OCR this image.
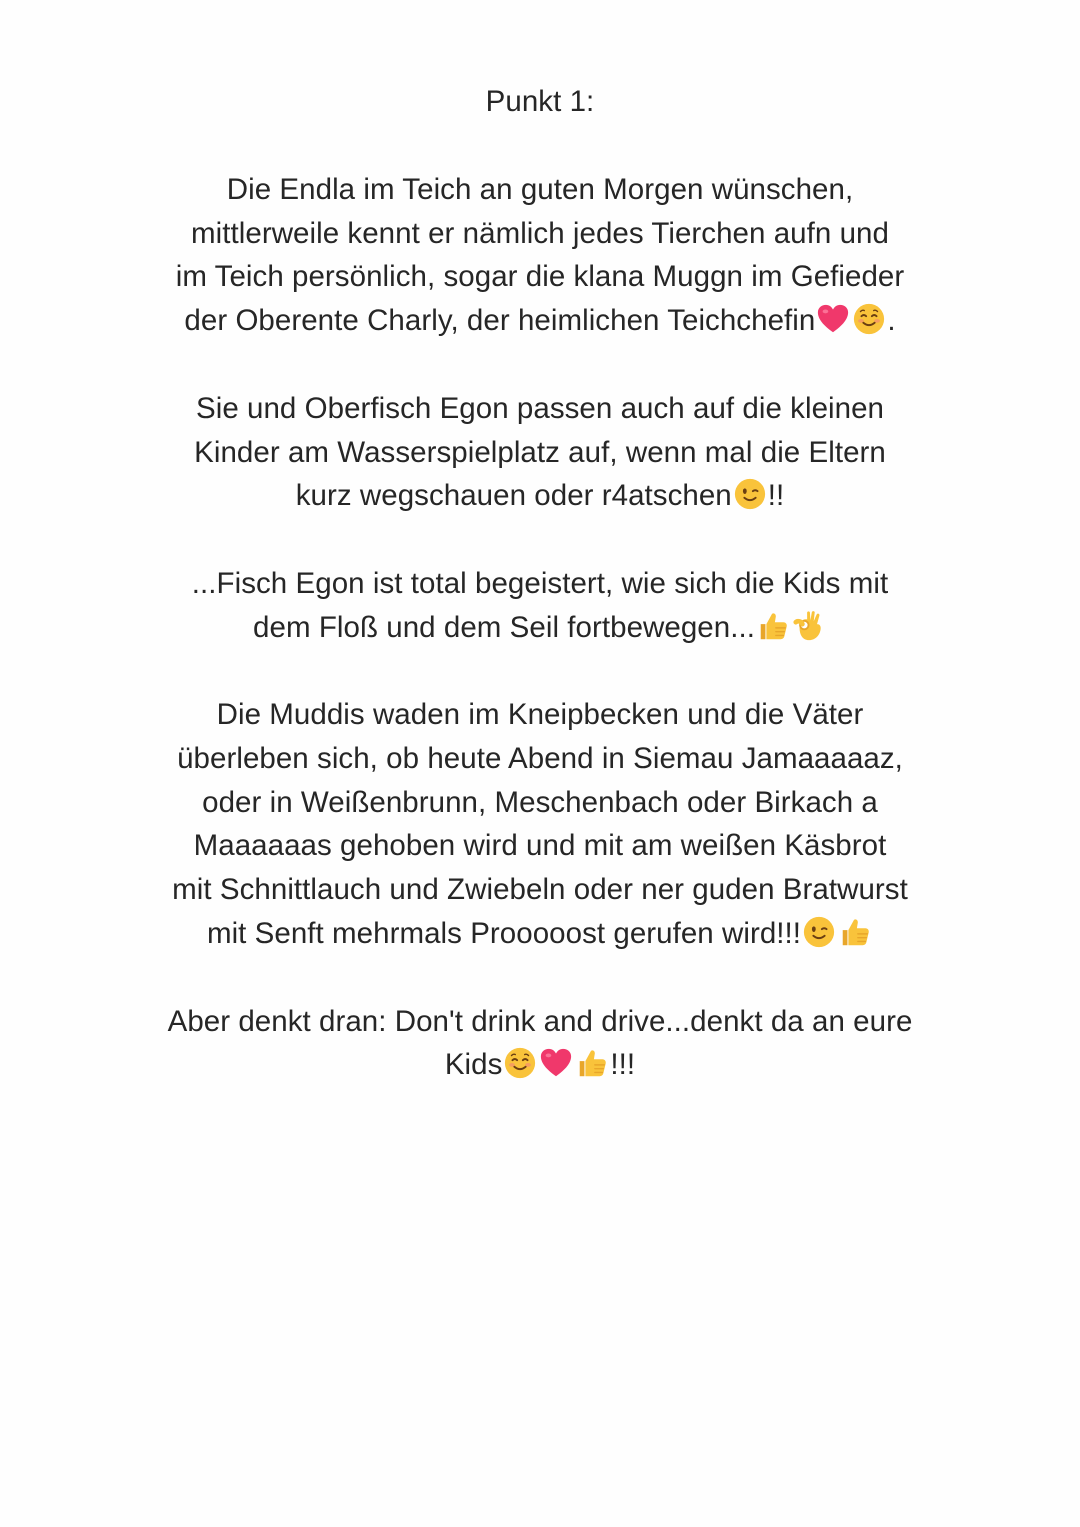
Punkt 1:

Die Endla im Teich an guten Morgen wünschen,
mittlerweile kennt er nämlich jedes Tierchen aufn und
im Teich persönlich, sogar die klana Muggn im Gefieder
der Oberente Charly, der heimlichen Teichchefin .

Sie und Oberfisch Egon passen auch auf die kleinen
Kinder am Wasserspielplatz auf, wenn mal die Eltern
kurz wegschauen oder r4atschen !!

...Fisch Egon ist total begeistert, wie sich die Kids mit
dem Floß und dem Seil fortbewegen...

Die Muddis waden im Kneipbecken und die Väter
überleben sich, ob heute Abend in Siemau Jamaaaaaz,
oder in Weißenbrunn, Meschenbach oder Birkach a
Maaaaaas gehoben wird und mit am weißen Käsbrot
mit Schnittlauch und Zwiebeln oder ner guden Bratwurst
mit Senft mehrmals Prooooost gerufen wird!!!

Aber denkt dran: Don't drink and drive...denkt da an eure
Kids	!!!
